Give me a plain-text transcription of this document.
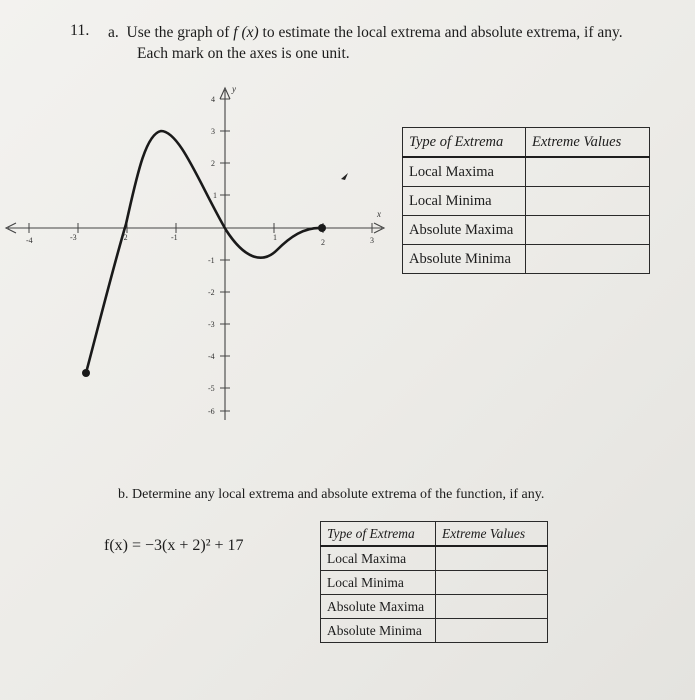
11. a. Use the graph of f (x) to estimate the local extrema and absolute extrema, if any.
Each mark on the axes is one unit.
-4	-3	-2	-1	1
2	3
4
3
2
1
-1
-2
-3
-4
-5
-6
x
y
Type of Extrema	Extreme Values
Local Maxima	
Local Minima	
Absolute Maxima	
Absolute Minima	
b. Determine any local extrema and absolute extrema of the function, if any.
f(x) = −3(x + 2)² + 17
Type of Extrema	Extreme Values
Local Maxima	
Local Minima	
Absolute Maxima	
Absolute Minima	
